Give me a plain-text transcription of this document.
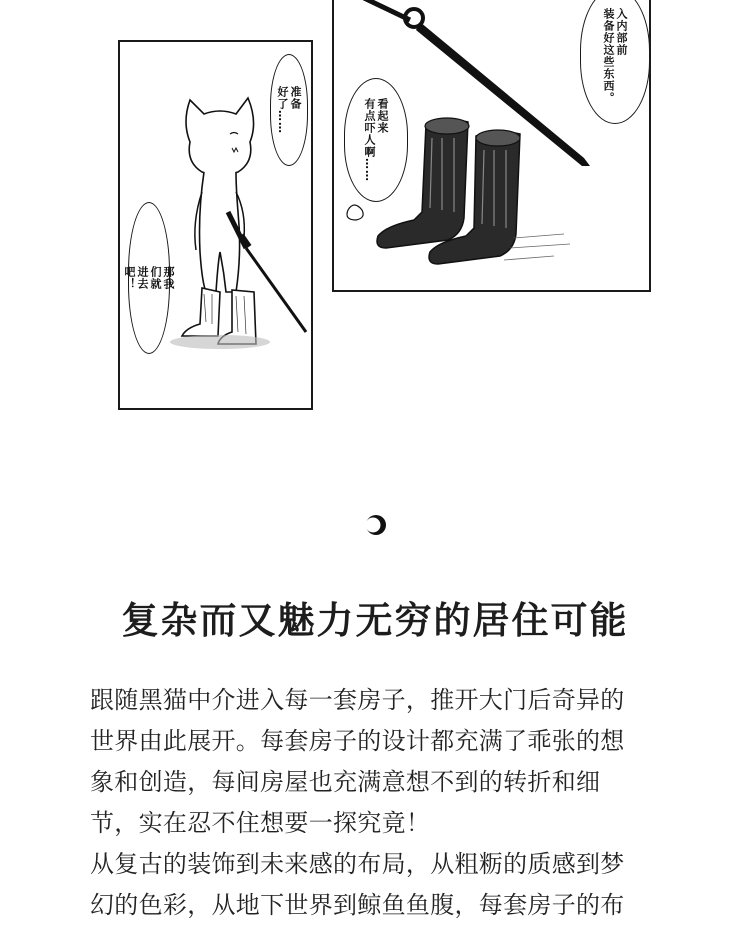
准备
好了……
那我
们就
进去
吧！
入内部前
装备好这些东西。
看起来
有点吓人啊……
复杂而又魅力无穷的居住可能
跟随黑猫中介进入每一套房子，推开大门后奇异的
世界由此展开。每套房子的设计都充满了乖张的想
象和创造，每间房屋也充满意想不到的转折和细
节，实在忍不住想要一探究竟！
从复古的装饰到未来感的布局，从粗粝的质感到梦
幻的色彩，从地下世界到鲸鱼鱼腹，每套房子的布
